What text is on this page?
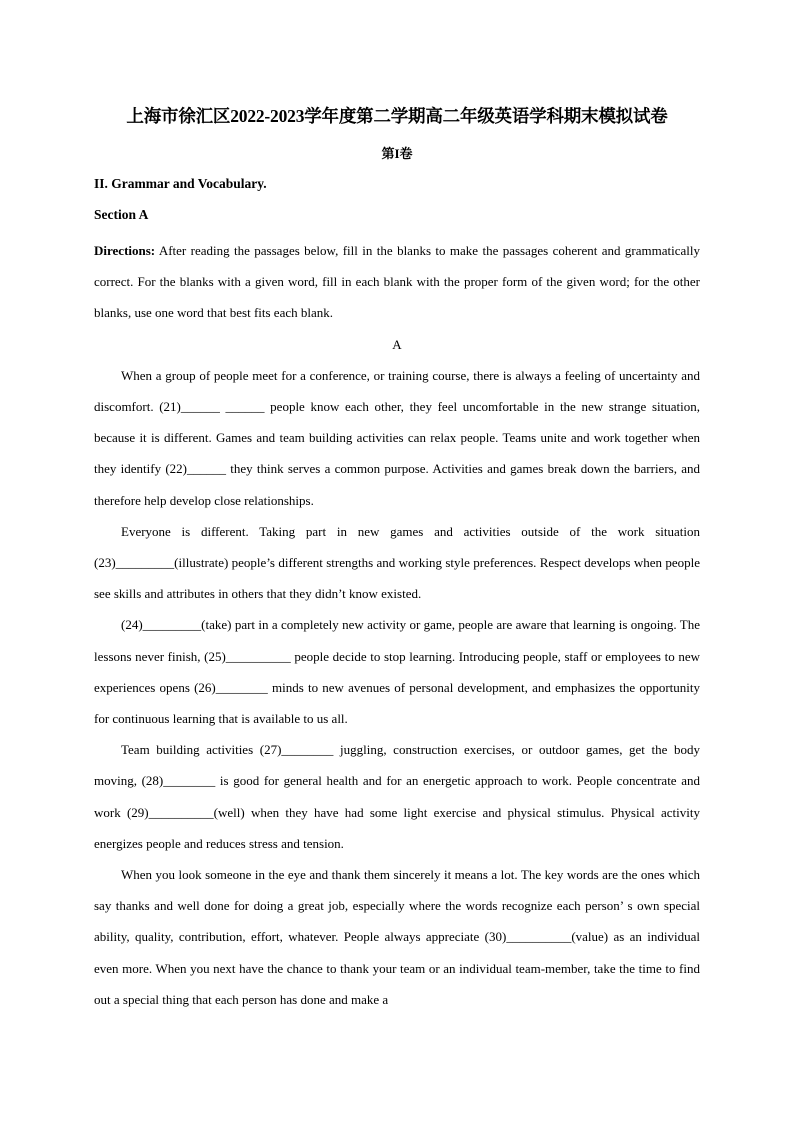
上海市徐汇区2022-2023学年度第二学期高二年级英语学科期末模拟试卷
第I卷
II. Grammar and Vocabulary.
Section A

Directions: After reading the passages below, fill in the blanks to make the passages coherent and grammatically correct. For the blanks with a given word, fill in each blank with the proper form of the given word; for the other blanks, use one word that best fits each blank.

A

When a group of people meet for a conference, or training course, there is always a feeling of uncertainty and discomfort. (21)______ ______ people know each other, they feel uncomfortable in the new strange situation, because it is different. Games and team building activities can relax people. Teams unite and work together when they identify (22)______ they think serves a common purpose. Activities and games break down the barriers, and therefore help develop close relationships.

Everyone is different. Taking part in new games and activities outside of the work situation (23)_________(illustrate) people’s different strengths and working style preferences. Respect develops when people see skills and attributes in others that they didn’t know existed.

(24)_________(take) part in a completely new activity or game, people are aware that learning is ongoing. The lessons never finish, (25)__________ people decide to stop learning. Introducing people, staff or employees to new experiences opens (26)________ minds to new avenues of personal development, and emphasizes the opportunity for continuous learning that is available to us all.

Team building activities (27)________ juggling, construction exercises, or outdoor games, get the body moving, (28)________ is good for general health and for an energetic approach to work. People concentrate and work (29)__________(well) when they have had some light exercise and physical stimulus. Physical activity energizes people and reduces stress and tension.

When you look someone in the eye and thank them sincerely it means a lot. The key words are the ones which say thanks and well done for doing a great job, especially where the words recognize each person’ s own special ability, quality, contribution, effort, whatever. People always appreciate (30)__________(value) as an individual even more. When you next have the chance to thank your team or an individual team-member, take the time to find out a special thing that each person has done and make a
